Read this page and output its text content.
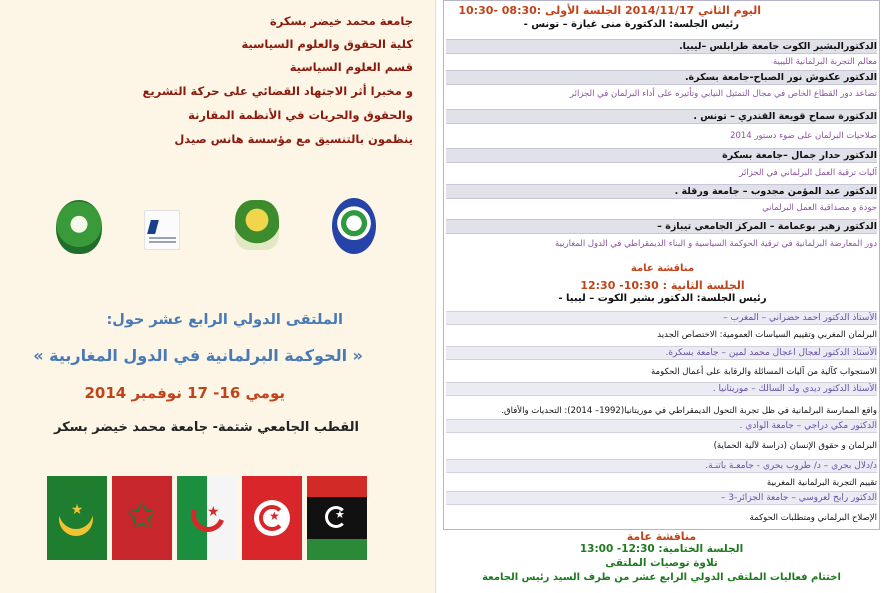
جامعة محمد خيضر بسكرة
كلية الحقوق والعلوم السياسية
قسم العلوم السياسية
و مخبرا أثر الاجتهاد القضائي على حركة التشريع
والحقوق والحريات في الأنظمة المقارنة
ينظمون بالتنسيق مع مؤسسة هانس صيدل
الملتقى الدولي الرابع عشر حول:
« الحوكمة البرلمانية في الدول المغاربية »
يومي 16- 17 نوفمبر 2014
القطب الجامعي شتمة- جامعة محمد خيضر بسكر
★	✩	★	★	★
اليوم الثاني 2014/11/17 الجلسة الأولى :08:30 -10:30
رئيس الجلسة: الدكتورة منى غيازة – تونس -
الدكتورالبشير الكوت جامعة طرابلس –ليبيا.
معالم التجربة البرلمانية الليبية
الدكتور عكنوش نور الصباح-جامعة بسكرة.
تصاعد دور القطاع الخاص في مجال التمثيل النيابي وتأثيره على أداء البرلمان في الجزائر
الدكتورة سماح قويعة القندري – تونس .
صلاحيات البرلمان على ضوء دستور 2014
الدكتور حدار جمال –جامعة بسكرة
آليات ترقية العمل البرلماني في الجزائر
الدكتور عبد المؤمن مجدوب – جامعة ورقلة .
جودة و مصداقية العمل البرلماني
الدكتور زهير بوعمامة – المركز الجامعي تيبازة –
دور المعارضة البرلمانية في ترقية الحوكمة السياسية و البناء الديمقراطي في الدول المغاربية
مناقشة عامة
الجلسة الثانية : 10:30- 12:30
رئيس الجلسة: الدكتور بشير الكوت – ليبيا -
الأستاذ الدكتور احمد حضراني – المغرب –
البرلمان المغربي وتقييم السياسات العمومية: الاختصاص الجديد
الأستاذ الدكتور لعجال اعجال محمد لمين – جامعة بسكرة.
الاستجواب كآلية من آليات المسائلة والرقابة على أعمال الحكومة
الأستاذ الدكتور ديدي ولد السالك – موريتانيا .
واقع الممارسة البرلمانية في ظل تجربة التحول الديمقراطي في موريتانيا(1992– 2014): التحديات والأفاق.
الدكتور مكي دراجي – جامعة الوادي .
البرلمان و حقوق الإنسان (دراسة لآلية الحماية)
د/دلال بحري – د/ طروب بحري - جامعـة باتنـة.
تقييم التجربة البرلمانية المغربية
الدكتور رابح لعروسي – جامعة الجزائر-3 –
الإصلاح البرلماني ومتطلبات الحوكمة
مناقشة عامة
الجلسة الختامية: 12:30- 13:00
تلاوة توصيات الملتقى
اختتام فعاليات الملتقى الدولي الرابع عشر من طرف السيد رئيس الجامعة
